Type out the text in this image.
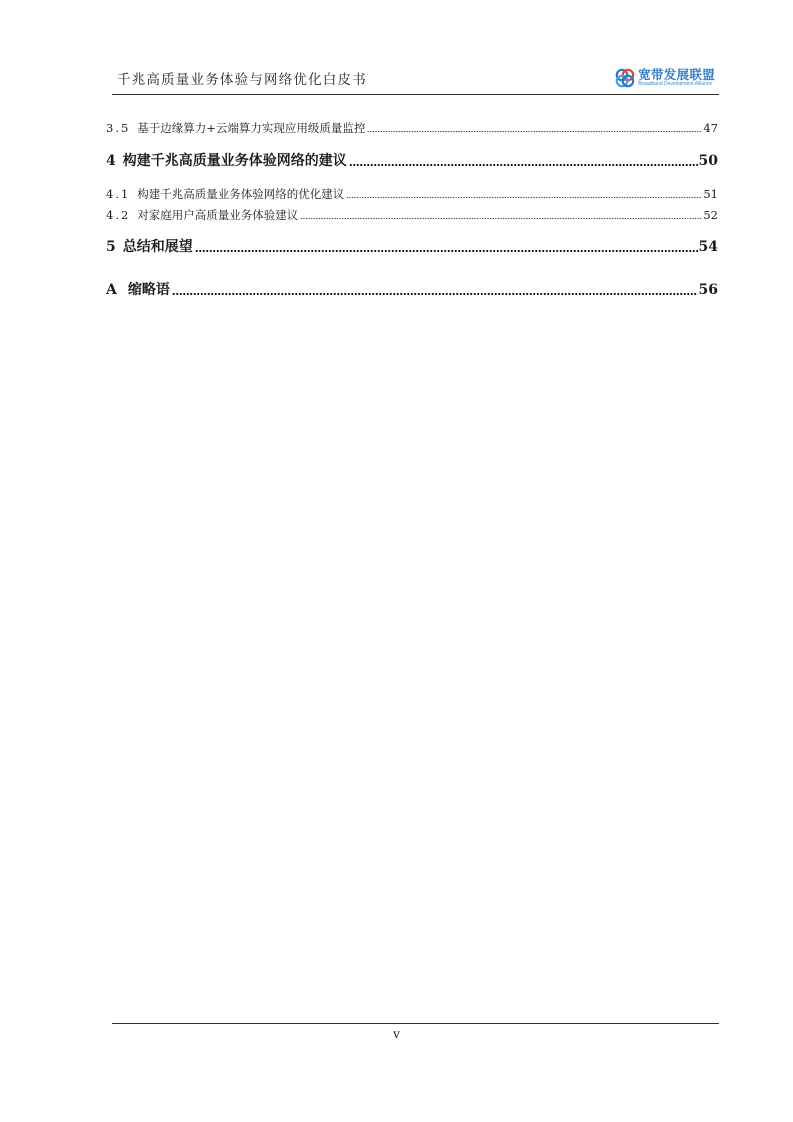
千兆高质量业务体验与网络优化白皮书	宽带发展联盟
Broadband Development Alliance
3.5 基于边缘算力+云端算力实现应用级质量监控	47
4 构建千兆高质量业务体验网络的建议	50
4.1 构建千兆高质量业务体验网络的优化建议	51
4.2 对家庭用户高质量业务体验建议	52
5 总结和展望	54
A 缩略语	56
v
